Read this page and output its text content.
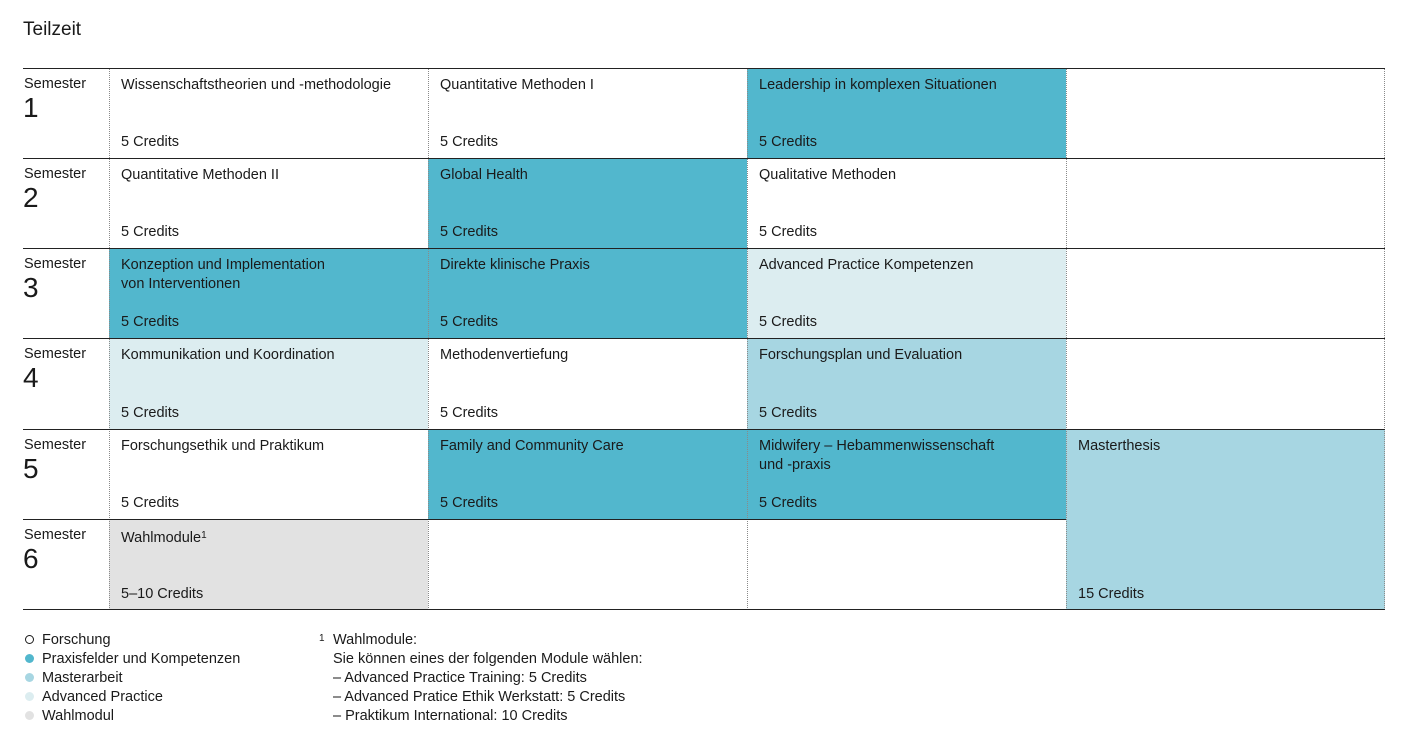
Teilzeit
Semester
1
Wissenschaftstheorien und -methodologie
5 Credits
Quantitative Methoden I
5 Credits
Leadership in komplexen Situationen
5 Credits
Semester
2
Quantitative Methoden II
5 Credits
Global Health
5 Credits
Qualitative Methoden
5 Credits
Semester
3
Konzeption und Implementation
von Interventionen
5 Credits
Direkte klinische Praxis
5 Credits
Advanced Practice Kompetenzen
5 Credits
Semester
4
Kommunikation und Koordination
5 Credits
Methodenvertiefung
5 Credits
Forschungsplan und Evaluation
5 Credits
Semester
5
Forschungsethik und Praktikum
5 Credits
Family and Community Care
5 Credits
Midwifery – Hebammenwissenschaft
und -praxis
5 Credits
Masterthesis
15 Credits
Semester
6
Wahlmodule$^1$
5–10 Credits
Forschung
Praxisfelder und Kompetenzen
Masterarbeit
Advanced Practice
Wahlmodul
1 Wahlmodule:
Sie können eines der folgenden Module wählen:
– Advanced Practice Training: 5 Credits
– Advanced Pratice Ethik Werkstatt: 5 Credits
– Praktikum International: 10 Credits
